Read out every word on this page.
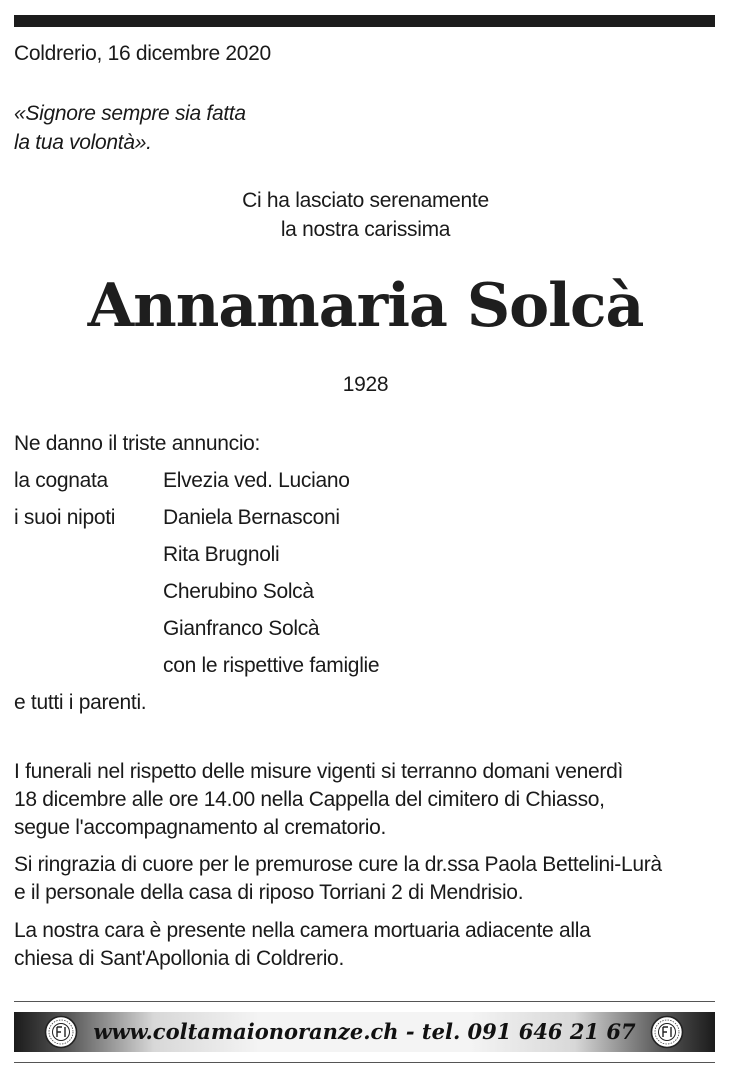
Coldrerio, 16 dicembre 2020
«Signore sempre sia fatta
la tua volontà».
Ci ha lasciato serenamente
la nostra carissima
Annamaria Solcà
1928
Ne danno il triste annuncio:
la cognata	Elvezia ved. Luciano
i suoi nipoti Daniela Bernasconi
Rita Brugnoli
Cherubino Solcà
Gianfranco Solcà
con le rispettive famiglie
e tutti i parenti.
I funerali nel rispetto delle misure vigenti si terranno domani venerdì
18 dicembre alle ore 14.00 nella Cappella del cimitero di Chiasso,
segue l'accompagnamento al crematorio.
Si ringrazia di cuore per le premurose cure la dr.ssa Paola Bettelini-Lurà
e il personale della casa di riposo Torriani 2 di Mendrisio.
La nostra cara è presente nella camera mortuaria adiacente alla
chiesa di Sant'Apollonia di Coldrerio.
www.coltamaionoranze.ch - tel. 091 646 21 67
